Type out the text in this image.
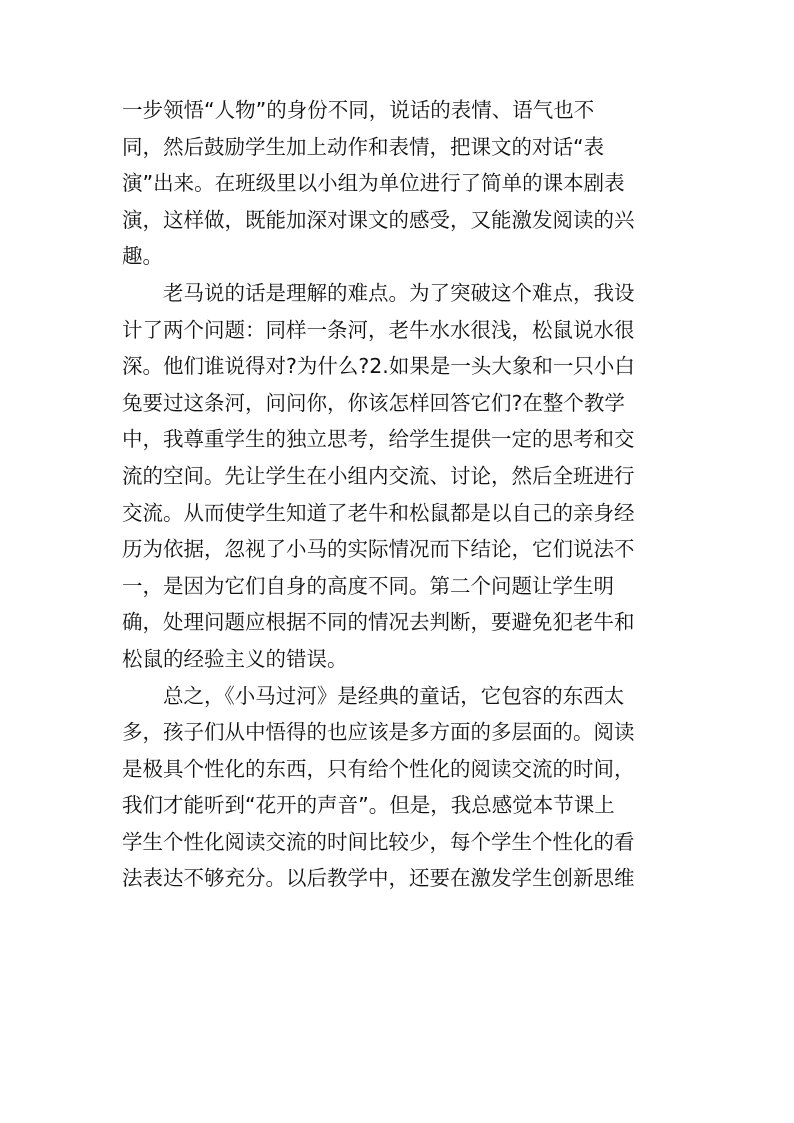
一步领悟“人物”的身份不同，说话的表情、语气也不
同，然后鼓励学生加上动作和表情，把课文的对话“表
演”出来。在班级里以小组为单位进行了简单的课本剧表
演，这样做，既能加深对课文的感受，又能激发阅读的兴
趣。
老马说的话是理解的难点。为了突破这个难点，我设
计了两个问题：同样一条河，老牛水水很浅，松鼠说水很
深。他们谁说得对?为什么?2.如果是一头大象和一只小白
兔要过这条河，问问你，你该怎样回答它们?在整个教学
中，我尊重学生的独立思考，给学生提供一定的思考和交
流的空间。先让学生在小组内交流、讨论，然后全班进行
交流。从而使学生知道了老牛和松鼠都是以自己的亲身经
历为依据，忽视了小马的实际情况而下结论，它们说法不
一，是因为它们自身的高度不同。第二个问题让学生明
确，处理问题应根据不同的情况去判断，要避免犯老牛和
松鼠的经验主义的错误。
总之，《小马过河》是经典的童话，它包容的东西太
多，孩子们从中悟得的也应该是多方面的多层面的。阅读
是极具个性化的东西，只有给个性化的阅读交流的时间，
我们才能听到“花开的声音”。但是，我总感觉本节课上
学生个性化阅读交流的时间比较少，每个学生个性化的看
法表达不够充分。以后教学中，还要在激发学生创新思维
